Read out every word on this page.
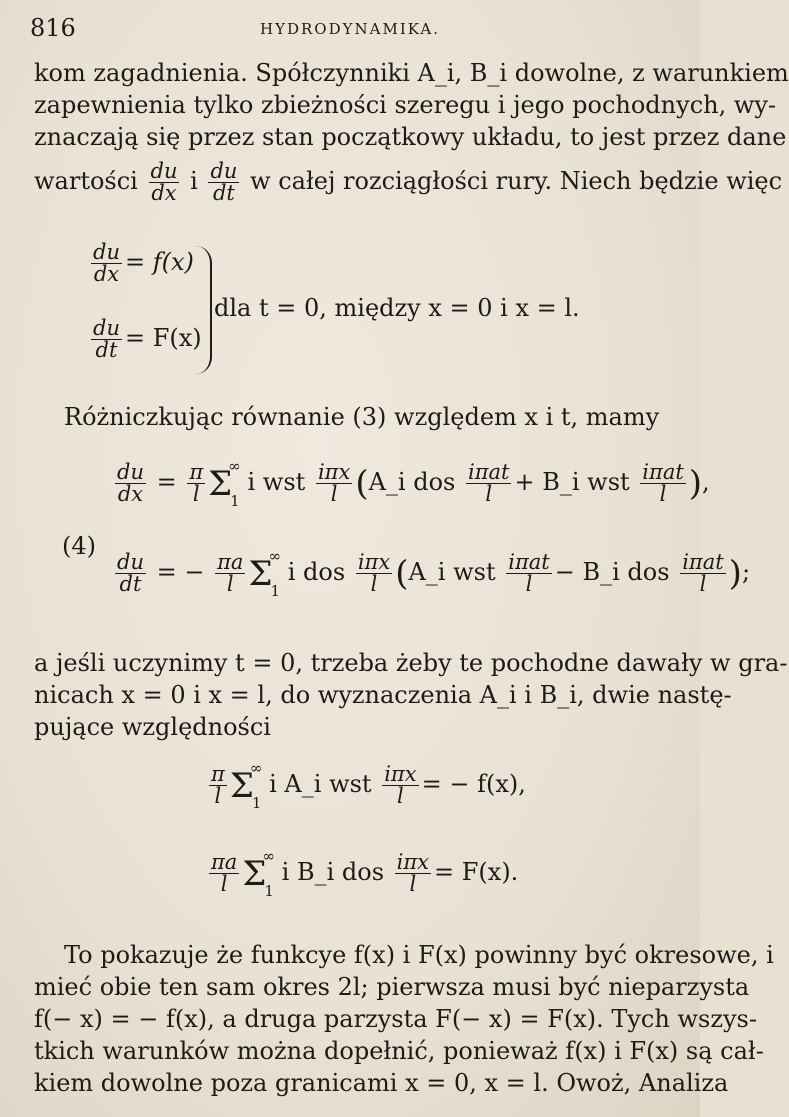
816	HYDRODYNAMIKA.
kom zagadnienia. Spółczynniki A_i, B_i dowolne, z warunkiem
zapewnienia tylko zbieżności szeregu i jego pochodnych, wy-
znaczają się przez stan początkowy układu, to jest przez dane
wartości $\frac{du}{dx}$ i $\frac{du}{dt}$ w całej rozciągłości rury. Niech będzie więc
$\frac{du}{dx} = f(x)$
$\frac{du}{dt} = F(x)$
dla t = 0, między x = 0 i x = l.
Różniczkując równanie (3) względem x i t, mamy
(4)
$\frac{du}{dx} = \frac{\pi}{l}$ Σ
∞
1
i wst $\frac{\text{iπx}}{l}$ (A_i dos $\frac{\text{iπat}}{l}$ + B_i wst $\frac{\text{iπat}}{l}$ ),
$\frac{du}{dt}$ = − $\frac{\pi a}{l}$ Σ
∞
1
i dos $\frac{\text{iπx}}{l}$ (A_i wst $\frac{\text{iπat}}{l}$ − B_i dos $\frac{\text{iπat}}{l}$ );
a jeśli uczynimy t = 0, trzeba żeby te pochodne dawały w gra-
nicach x = 0 i x = l, do wyznaczenia A_i i B_i, dwie nastę-
pujące względności
$\frac{\pi}{l}$ Σ
∞
1
i A_i wst $\frac{\text{iπx}}{l}$ = − f(x),
$\frac{\pi a}{l}$ Σ
∞
1
i B_i dos $\frac{\text{iπx}}{l} = F(x)$.
To pokazuje że funkcye f(x) i F(x) powinny być okresowe, i
mieć obie ten sam okres 2l; pierwsza musi być nieparzysta
f(− x) = − f(x), a druga parzysta F(− x) = F(x). Tych wszys-
tkich warunków można dopełnić, ponieważ f(x) i F(x) są cał-
kiem dowolne poza granicami x = 0, x = l. Owoż, Analiza
